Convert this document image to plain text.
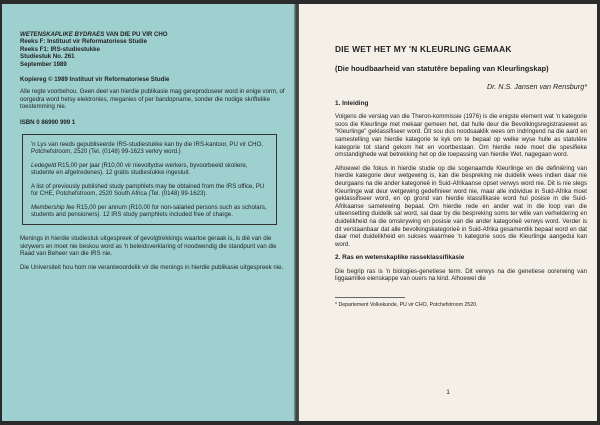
WETENSKAPLIKE BYDRAES VAN DIE PU VIR CHO

Reeks F: Instituut vir Reformatoriese Studie

Reeks F1: IRS-studiestukke

Studiestuk No. 261

September 1989

Kopiereg © 1989 Instituut vir Reformatoriese Studie

Alle regte voorbehou. Geen deel van hierdie publikasie mag gereproduseer word in enige vorm, of oorgedra word hetsy elektronies, meganies of per bandopname, sonder die nodige skriftelike toestemming nie.

ISBN 0 86990 999 1

'n Lys van reeds gepubliseerde IRS-studiestukke kan by die IRS-kantoor, PU vir CHO, Potchefstroom, 2520 (Tel. (0148) 99-1623 verkry word.)

Ledegeld R15,00 per jaar (R10,00 vir nievoltydse werkers, byvoorbeeld skoliere, studente en afgetredenes). 12 gratis studiestukke ingesluit.

A list of previously published study pamphlets may be obtained from the IRS office, PU for CHE, Potchefstroom, 2520 South Africa (Tel. (0148) 99-1623).

Membership fee R15,00 per annum (R10,00 for non-salaried persons such as scholars, students and pensioners). 12 IRS study pamphlets included free of charge.

Menings in hierdie studiestuk uitgespreek of gevolgtrekkings waartoe geraak is, is dié van die skrywers en moet nie beskou word as 'n beleidsverklaring of noodwendig die standpunt van die Raad van Beheer van die IRS nie.

Die Universiteit hou hom nie verantwoordelik vir die menings in hierdie publikasie uitgespreek nie.

DIE WET HET MY 'N KLEURLING GEMAAK

(Die houdbaarheid van statutêre bepaling van Kleurlingskap)

Dr. N.S. Jansen van Rensburg*

1. Inleiding

Volgens die verslag van die Theron-kommissie (1976) is die enigste element wat 'n kategorie soos die Kleurlinge met mekaar gemeen het, dat hulle deur die Bevolkingsregistrasiewet as "Kleurlinge" geklassifiseer word. Dit sou dus noodsaaklik wees om indringend na die aard en samestelling van hierdie kategorie te kyk om te bepaal op welke wyse hulle as statutêre kategorie tot stand gekom het en voortbestaan. Om hierdie rede moet die spesifieke omstandighede wat betrekking het op die toepassing van hierdie Wet, nagegaan word.

Alhoewel die fokus in hierdie studie op die sogenaamde Kleurlinge en die definiëring van hierdie kategorie deur wetgewing is, kan die bespreking nie duidelik wees indien daar nie deurgaans na die ander kategorieë in Suid-Afrikaanse opset verwys word nie. Dit is nie slegs Kleurlinge wat deur wetgewing gedefinieer word nie, maar alle individue in Suid-Afrika moet geklassifiseer word, en op grond van hierdie klassifikasie word hul posisie in die Suid-Afrikaanse samelewing bepaal. Om hierdie rede en ander wat in die loop van die uiteensetting duidelik sal word, sal daar by die bespreking soms ter wille van verheldering en duidelikheid na die omskrywing en posisie van die ander kategorieë verwys word. Verder is dit verstaanbaar dat alle bevolkingskategorieë in Suid-Afrika gesamentlik bepaal word en dat daar met duidelikheid en sukses waarmee 'n kategorie soos die Kleurlinge aangedui kan word.

2. Ras en wetenskaplike rasseklassifikasie

Die begrip ras is 'n biologies-genetiese term. Dit verwys na die genetiese oorerwing van liggaamlike eienskappe van ouers na kind. Alhoewel die

* Departement Volkekunde, PU vir CHO, Potchefstroom 2520.

1
